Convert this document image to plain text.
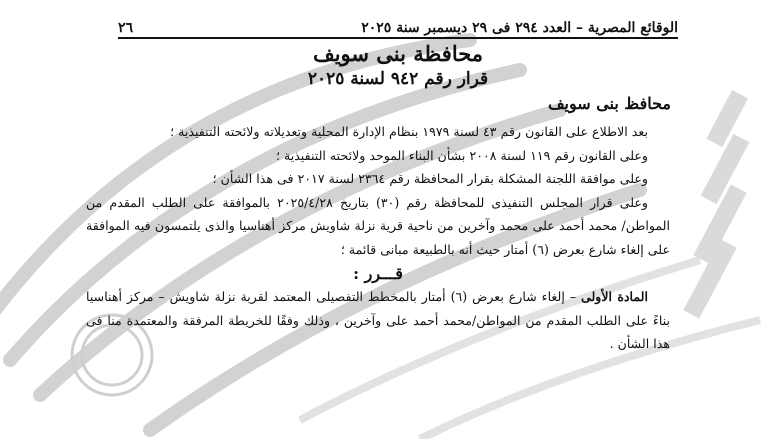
الوقائع المصرية – العدد ٢٩٤ فى ٢٩ ديسمبر سنة ٢٠٢٥
٢٦
محافظة بنى سويف
قرار رقم ٩٤٢ لسنة ٢٠٢٥
محافظ بنى سويف

بعد الاطلاع على القانون رقم ٤٣ لسنة ١٩٧٩ بنظام الإدارة المحلية وتعديلاته ولائحته التنفيذية ؛

وعلى القانون رقم ١١٩ لسنة ٢٠٠٨ بشأن البناء الموحد ولائحته التنفيذية ؛

وعلى موافقة اللجنة المشكلة بقرار المحافظة رقم ٢٣٦٤ لسنة ٢٠١٧ فى هذا الشأن ؛

وعلى قرار المجلس التنفيذى للمحافظة رقم (٣٠) بتاريخ ٢٠٢٥/٤/٢٨ بالموافقة على الطلب المقدم من المواطن/ محمد أحمد على محمد وآخرين من ناحية قرية نزلة شاويش مركز أهناسيا والذى يلتمسون فيه الموافقة على إلغاء شارع بعرض (٦) أمتار حيث أنه بالطبيعة مبانى قائمة ؛

قـــرر :

المادة الأولى – إلغاء شارع بعرض (٦) أمتار بالمخطط التفصيلى المعتمد لقرية نزلة شاويش – مركز أهناسيا بناءً على الطلب المقدم من المواطن/محمد أحمد على وآخرين ، وذلك وفقًا للخريطة المرفقة والمعتمدة منا فى هذا الشأن .
